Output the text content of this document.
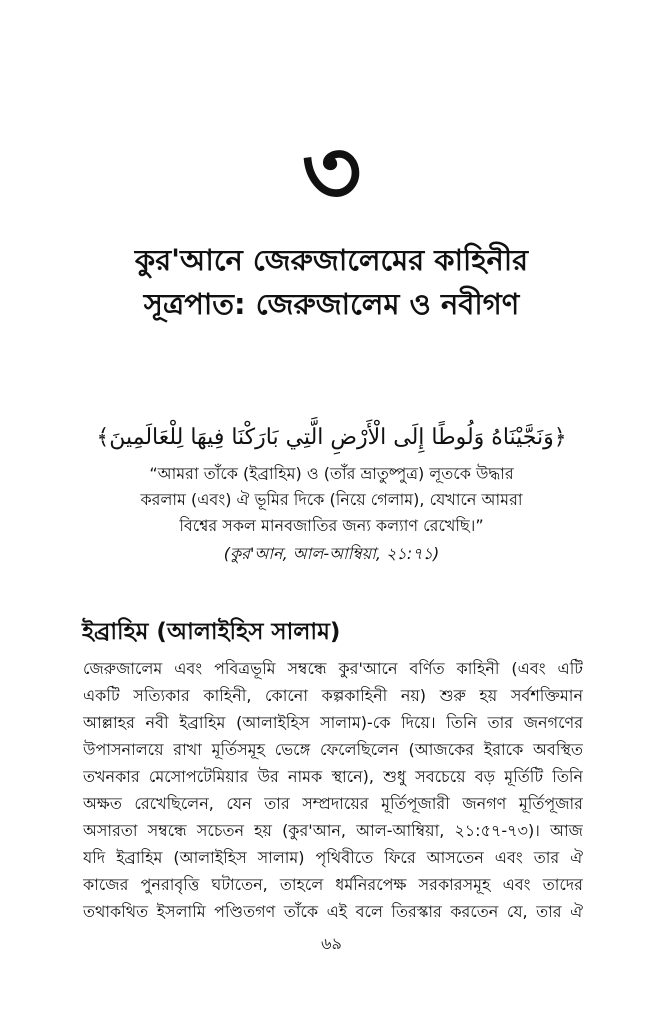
৩
কুর'আনে জেরুজালেমের কাহিনীর
সূত্রপাত: জেরুজালেম ও নবীগণ
﴿وَنَجَّيْنَاهُ وَلُوطًا إِلَى الْأَرْضِ الَّتِي بَارَكْنَا فِيهَا لِلْعَالَمِينَ﴾
“আমরা তাঁকে (ইব্রাহিম) ও (তাঁর ভ্রাতুষ্পুত্র) লূতকে উদ্ধার
করলাম (এবং) ঐ ভূমির দিকে (নিয়ে গেলাম), যেখানে আমরা
বিশ্বের সকল মানবজাতির জন্য কল্যাণ রেখেছি।”
(কুর'আন, আল-আম্বিয়া, ২১:৭১)
ইব্রাহিম (আলাইহিস সালাম)
জেরুজালেম এবং পবিত্রভূমি সম্বন্ধে কুর'আনে বর্ণিত কাহিনী (এবং এটি
একটি সত্যিকার কাহিনী, কোনো কল্পকাহিনী নয়) শুরু হয় সর্বশক্তিমান
আল্লাহর নবী ইব্রাহিম (আলাইহিস সালাম)-কে দিয়ে। তিনি তার জনগণের
উপাসনালয়ে রাখা মূর্তিসমূহ ভেঙ্গে ফেলেছিলেন (আজকের ইরাকে অবস্থিত
তখনকার মেসোপটেমিয়ার উর নামক স্থানে), শুধু সবচেয়ে বড় মূর্তিটি তিনি
অক্ষত রেখেছিলেন, যেন তার সম্প্রদায়ের মূর্তিপূজারী জনগণ মূর্তিপূজার
অসারতা সম্বন্ধে সচেতন হয় (কুর'আন, আল-আম্বিয়া, ২১:৫৭-৭৩)। আজ
যদি ইব্রাহিম (আলাইহিস সালাম) পৃথিবীতে ফিরে আসতেন এবং তার ঐ
কাজের পুনরাবৃত্তি ঘটাতেন, তাহলে ধর্মনিরপেক্ষ সরকারসমূহ এবং তাদের
তথাকথিত ইসলামি পণ্ডিতগণ তাঁকে এই বলে তিরস্কার করতেন যে, তার ঐ
৬৯
